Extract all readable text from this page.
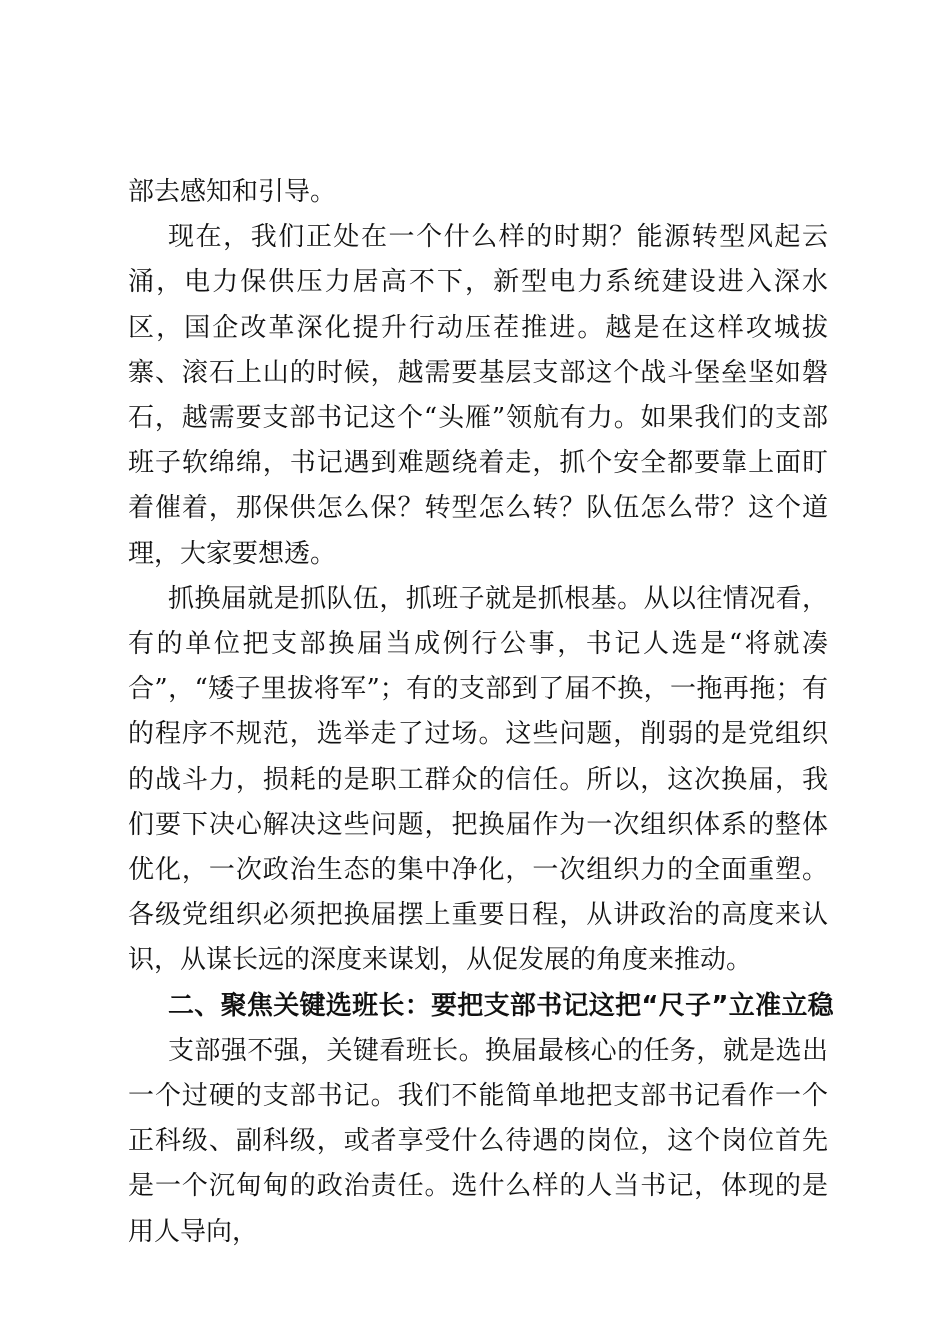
部去感知和引导。

现在，我们正处在一个什么样的时期？能源转型风起云涌，电力保供压力居高不下，新型电力系统建设进入深水区，国企改革深化提升行动压茬推进。越是在这样攻城拔寨、滚石上山的时候，越需要基层支部这个战斗堡垒坚如磐石，越需要支部书记这个“头雁”领航有力。如果我们的支部班子软绵绵，书记遇到难题绕着走，抓个安全都要靠上面盯着催着，那保供怎么保？转型怎么转？队伍怎么带？这个道理，大家要想透。

抓换届就是抓队伍，抓班子就是抓根基。从以往情况看，有的单位把支部换届当成例行公事，书记人选是“将就凑合”，“矮子里拔将军”；有的支部到了届不换，一拖再拖；有的程序不规范，选举走了过场。这些问题，削弱的是党组织的战斗力，损耗的是职工群众的信任。所以，这次换届，我们要下决心解决这些问题，把换届作为一次组织体系的整体优化，一次政治生态的集中净化，一次组织力的全面重塑。各级党组织必须把换届摆上重要日程，从讲政治的高度来认识，从谋长远的深度来谋划，从促发展的角度来推动。

二、聚焦关键选班长：要把支部书记这把“尺子”立准立稳

支部强不强，关键看班长。换届最核心的任务，就是选出一个过硬的支部书记。我们不能简单地把支部书记看作一个正科级、副科级，或者享受什么待遇的岗位，这个岗位首先是一个沉甸甸的政治责任。选什么样的人当书记，体现的是用人导向，
